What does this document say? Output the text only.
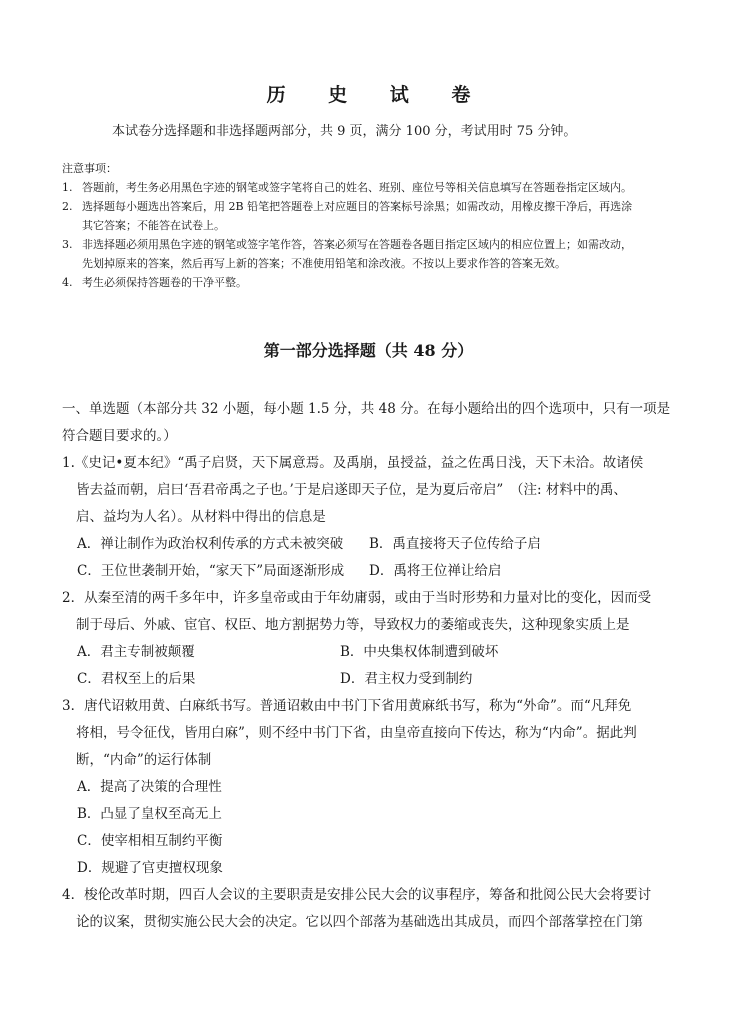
历 史 试 卷
本试卷分选择题和非选择题两部分，共 9 页，满分 100 分，考试用时 75 分钟。
注意事项：
1. 答题前，考生务必用黑色字迹的钢笔或签字笔将自己的姓名、班别、座位号等相关信息填写在答题卷指定区域内。
2. 选择题每小题选出答案后，用 2B 铅笔把答题卷上对应题目的答案标号涂黑；如需改动，用橡皮擦干净后，再选涂
其它答案；不能答在试卷上。
3. 非选择题必须用黑色字迹的钢笔或签字笔作答，答案必须写在答题卷各题目指定区域内的相应位置上；如需改动，
先划掉原来的答案，然后再写上新的答案；不准使用铅笔和涂改液。不按以上要求作答的答案无效。
4. 考生必须保持答题卷的干净平整。
第一部分选择题（共 48 分）
一、单选题（本部分共 32 小题，每小题 1.5 分，共 48 分。在每小题给出的四个选项中，只有一项是
符合题目要求的。）
1.《史记•夏本纪》“禹子启贤，天下属意焉。及禹崩，虽授益，益之佐禹日浅，天下未洽。故诸侯
皆去益而朝，启曰‘吾君帝禹之子也。’于是启遂即天子位，是为夏后帝启”　（注: 材料中的禹、
启、益均为人名）。从材料中得出的信息是
A．禅让制作为政治权利传承的方式未被突破 B．禹直接将天子位传给子启
C．王位世袭制开始，“家天下”局面逐渐形成 D．禹将王位禅让给启
2．从秦至清的两千多年中，许多皇帝或由于年幼庸弱，或由于当时形势和力量对比的变化，因而受
制于母后、外戚、宦官、权臣、地方割据势力等，导致权力的萎缩或丧失，这种现象实质上是
A．君主专制被颠覆	B．中央集权体制遭到破坏
C．君权至上的后果	D．君主权力受到制约
3．唐代诏敕用黄、白麻纸书写。普通诏敕由中书门下省用黄麻纸书写，称为“外命”。而“凡拜免
将相，号令征伐，皆用白麻”，则不经中书门下省，由皇帝直接向下传达，称为“内命”。据此判
断，“内命”的运行体制
A．提高了决策的合理性
B．凸显了皇权至高无上
C．使宰相相互制约平衡
D．规避了官吏擅权现象
4．梭伦改革时期，四百人会议的主要职责是安排公民大会的议事程序，筹备和批阅公民大会将要讨
论的议案，贯彻实施公民大会的决定。它以四个部落为基础选出其成员，而四个部落掌控在门第
